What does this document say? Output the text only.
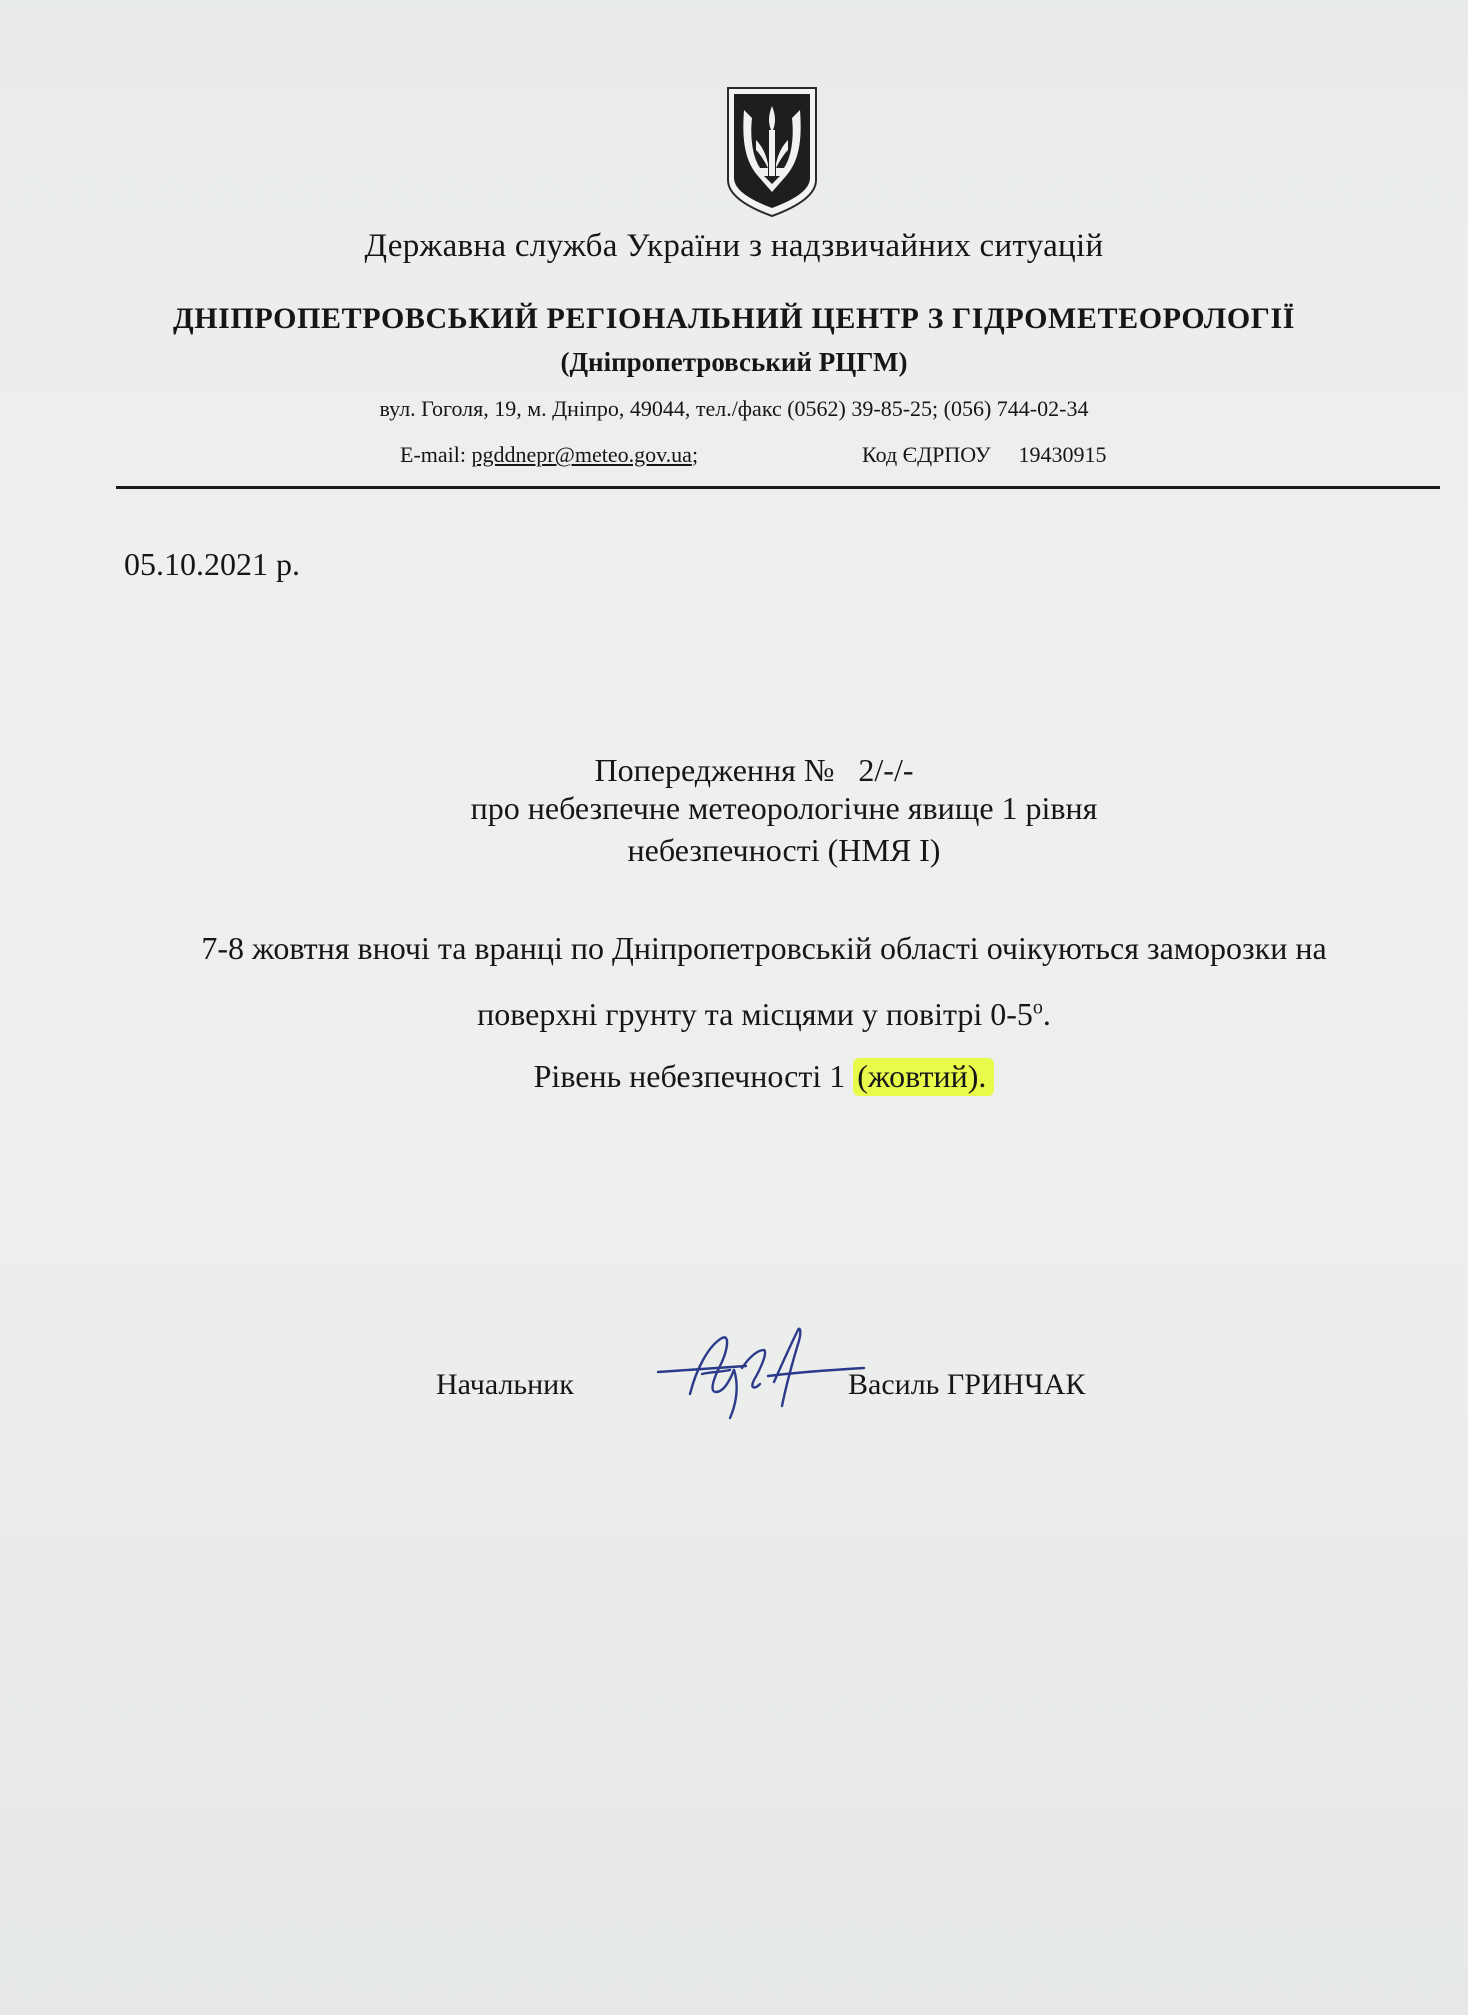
Державна служба України з надзвичайних ситуацій
ДНІПРОПЕТРОВСЬКИЙ РЕГІОНАЛЬНИЙ ЦЕНТР З ГІДРОМЕТЕОРОЛОГІЇ
(Дніпропетровський РЦГМ)
вул. Гоголя, 19, м. Дніпро, 49044, тел./факс (0562) 39-85-25; (056) 744-02-34
E-mail: pgddnepr@meteo.gov.ua;	Код ЄДРПОУ 19430915
05.10.2021 р.
Попередження №   2/-/-
про небезпечне метеорологічне явище 1 рівня
небезпечності (НМЯ І)
7-8 жовтня вночі та вранці по Дніпропетровській області очікуються заморозки на
поверхні грунту та місцями у повітрі $0-5^о$.
Рівень небезпечності 1 (жовтий).
Начальник	Василь ГРИНЧАК
